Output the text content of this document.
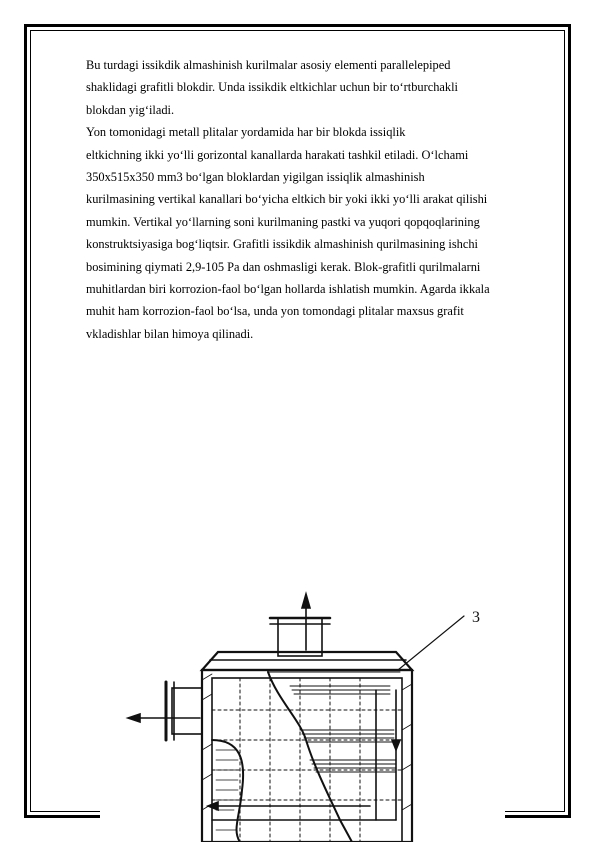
Bu turdagi issikdik almashinish kurilmalar asosiy elementi parallelepiped
shaklidagi grafitli blokdir. Unda issikdik eltkichlar uchun bir to‘rtburchakli
blokdan yig‘iladi.
Yon tomonidagi metall plitalar yordamida har bir blokda issiqlik
eltkichning ikki yo‘lli gorizontal kanallarda harakati tashkil etiladi. O‘lchami
350x515x350 mm3 bo‘lgan bloklardan yigilgan issiqlik almashinish
kurilmasining vertikal kanallari bo‘yicha eltkich bir yoki ikki yo‘lli arakat qilishi
mumkin. Vertikal yo‘llarning soni kurilmaning pastki va yuqori qopqoqlarining
konstruktsiyasiga bog‘liqtsir. Grafitli issikdik almashinish qurilmasining ishchi
bosimining qiymati 2,9-105 Pa dan oshmasligi kerak. Blok-grafitli qurilmalarni
muhitlardan biri korrozion-faol bo‘lgan hollarda ishlatish mumkin. Agarda ikkala
muhit ham korrozion-faol bo‘lsa, unda yon tomondagi plitalar maxsus grafit
vkladishlar bilan himoya qilinadi.
3
